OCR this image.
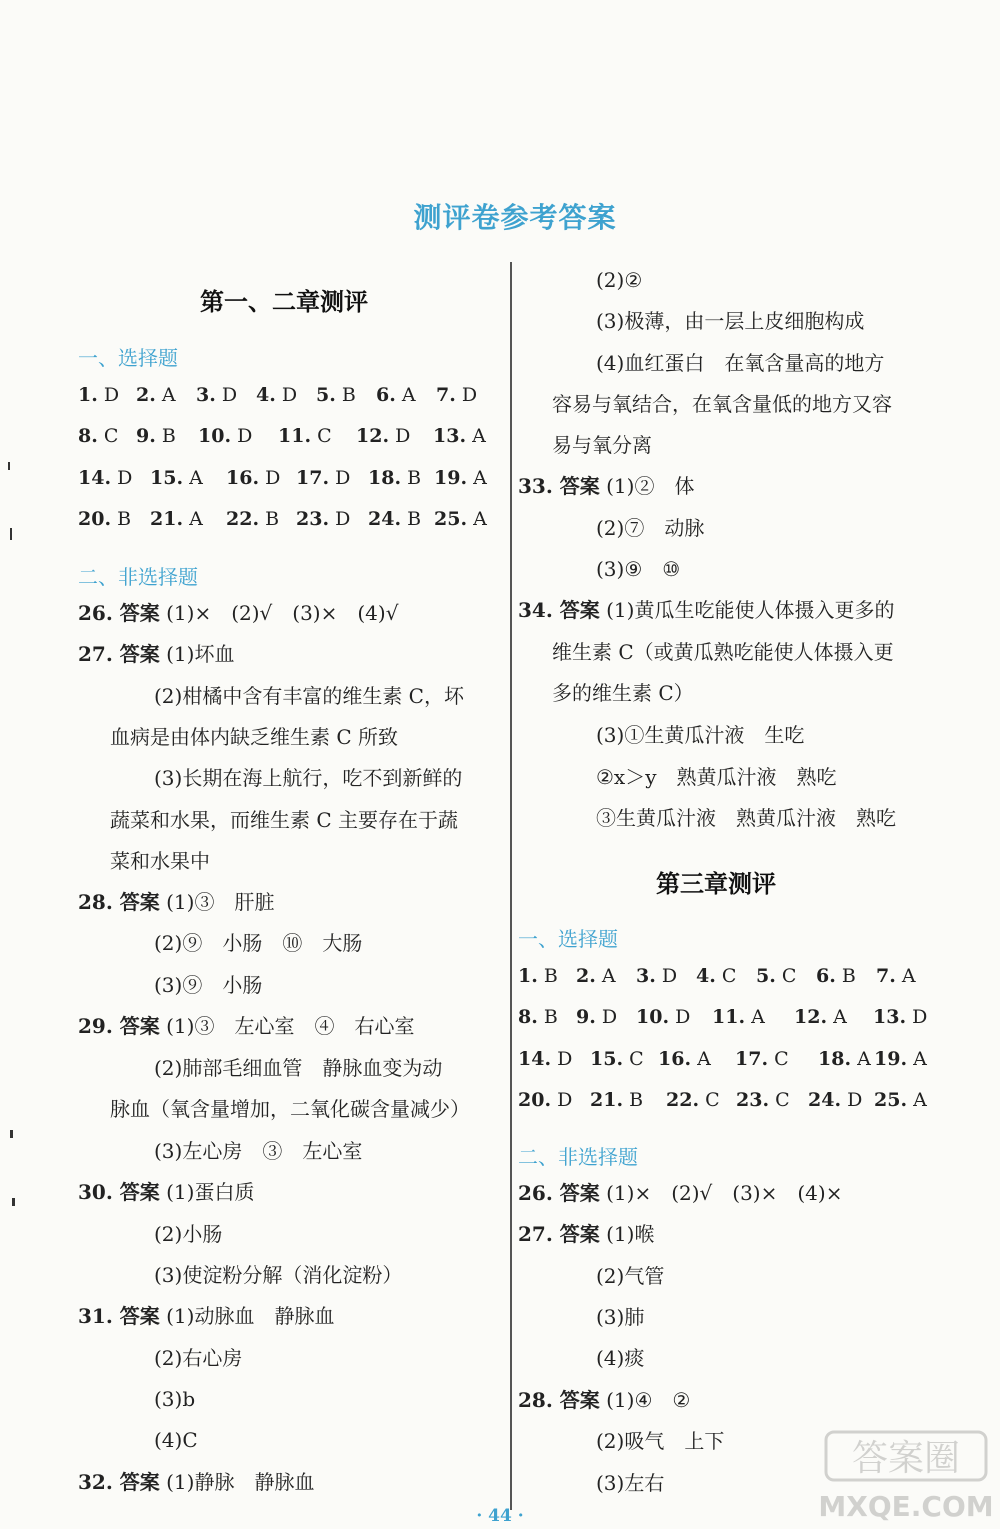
测评卷参考答案
第一、二章测评
一、选择题
1. D 2. A 3. D 4. D 5. B 6. A 7. D
8. C 9. B 10. D 11. C 12. D 13. A
14. D 15. A 16. D 17. D 18. B 19. A
20. B 21. A 22. B 23. D 24. B 25. A
二、非选择题
26. 答案 (1)×　(2)√　(3)×　(4)√
27. 答案 (1)坏血
(2)柑橘中含有丰富的维生素 C，坏
血病是由体内缺乏维生素 C 所致
(3)长期在海上航行，吃不到新鲜的
蔬菜和水果，而维生素 C 主要存在于蔬
菜和水果中
28. 答案 (1)③　肝脏
(2)⑨　小肠　⑩　大肠
(3)⑨　小肠
29. 答案 (1)③　左心室　④　右心室
(2)肺部毛细血管　静脉血变为动
脉血（氧含量增加，二氧化碳含量减少）
(3)左心房　③　左心室
30. 答案 (1)蛋白质
(2)小肠
(3)使淀粉分解（消化淀粉）
31. 答案 (1)动脉血　静脉血
(2)右心房
(3)b
(4)C
32. 答案 (1)静脉　静脉血
(2)②
(3)极薄，由一层上皮细胞构成
(4)血红蛋白　在氧含量高的地方
容易与氧结合，在氧含量低的地方又容
易与氧分离
33. 答案 (1)②　体
(2)⑦　动脉
(3)⑨　⑩
34. 答案 (1)黄瓜生吃能使人体摄入更多的
维生素 C（或黄瓜熟吃能使人体摄入更
多的维生素 C）
(3)①生黄瓜汁液　生吃
②x＞y　熟黄瓜汁液　熟吃
③生黄瓜汁液　熟黄瓜汁液　熟吃
第三章测评
一、选择题
1. B 2. A 3. D 4. C 5. C 6. B 7. A
8. B 9. D 10. D 11. A 12. A 13. D
14. D 15. C 16. A 17. C 18. A 19. A
20. D 21. B 22. C 23. C 24. D 25. A
二、非选择题
26. 答案 (1)×　(2)√　(3)×　(4)×
27. 答案 (1)喉
(2)气管
(3)肺
(4)痰
28. 答案 (1)④　②
(2)吸气　上下
(3)左右
· 44 ·
答案圈
MXQE.COM
